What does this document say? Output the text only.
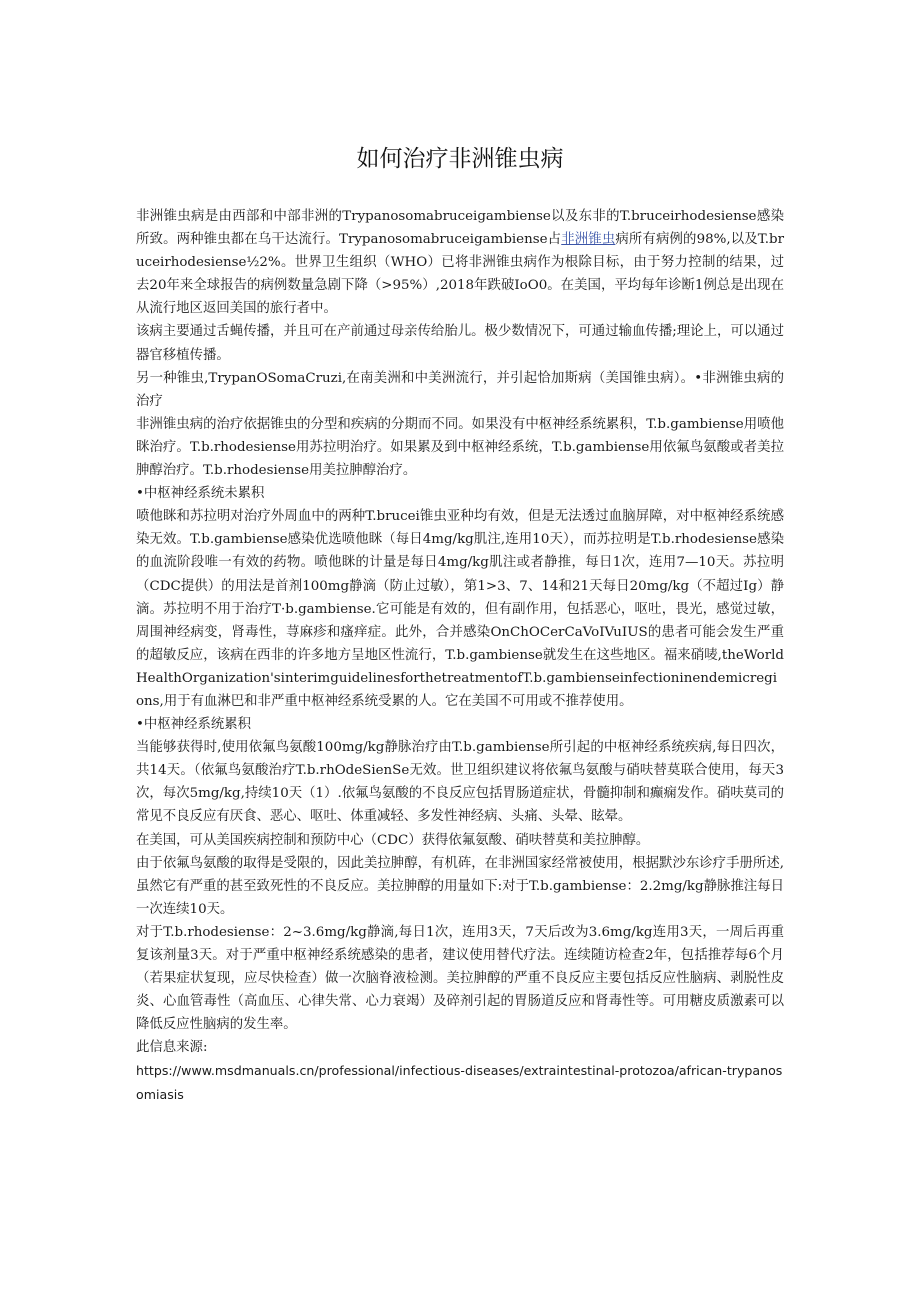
如何治疗非洲锥虫病

非洲锥虫病是由西部和中部非洲的Trypanosomabruceigambiense以及东非的T.bruceirhodesiense感染所致。两种锥虫都在乌干达流行。Trypanosomabruceigambiense占非洲锥虫病所有病例的98%,以及T.bruceirhodesiense½2%。世界卫生组织（WHO）已将非洲锥虫病作为根除目标，由于努力控制的结果，过去20年来全球报告的病例数量急剧下降（>95%）,2018年跌破IoO0。在美国，平均每年诊断1例总是出现在从流行地区返回美国的旅行者中。

该病主要通过舌蝇传播，并且可在产前通过母亲传给胎儿。极少数情况下，可通过输血传播;理论上，可以通过器官移植传播。

另一种锥虫,TrypanOSomaCruzi,在南美洲和中美洲流行，并引起恰加斯病（美国锥虫病）。•非洲锥虫病的治疗

非洲锥虫病的治疗依据锥虫的分型和疾病的分期而不同。如果没有中枢神经系统累积，T.b.gambiense用喷他眯治疗。T.b.rhodesiense用苏拉明治疗。如果累及到中枢神经系统，T.b.gambiense用依氟鸟氨酸或者美拉胂醇治疗。T.b.rhodesiense用美拉胂醇治疗。

•中枢神经系统未累积

喷他眯和苏拉明对治疗外周血中的两种T.brucei锥虫亚种均有效，但是无法透过血脑屏障，对中枢神经系统感染无效。T.b.gambiense感染优选喷他眯（每日4mg∕kg肌注,连用10天），而苏拉明是T.b.rhodesiense感染的血流阶段唯一有效的药物。喷他眯的计量是每日4mg∕kg肌注或者静推，每日1次，连用7—10天。苏拉明（CDC提供）的用法是首剂100mg静滴（防止过敏），第1>3、7、14和21天每日20mg∕kg（不超过Ig）静滴。苏拉明不用于治疗T·b.gambiense.它可能是有效的，但有副作用，包括恶心，呕吐，畏光，感觉过敏，周围神经病变，肾毒性，荨麻疹和瘙痒症。此外，合并感染OnChOCerCaVoIVuIUS的患者可能会发生严重的超敏反应，该病在西非的许多地方呈地区性流行，T.b.gambiense就发生在这些地区。福来硝唛,theWorldHealthOrganization'sinterimguidelinesforthetreatmentofT.b.gambienseinfectioninendemicregions,用于有血淋巴和非严重中枢神经系统受累的人。它在美国不可用或不推荐使用。

•中枢神经系统累积

当能够获得时,使用依氟鸟氨酸100mg∕kg静脉治疗由T.b.gambiense所引起的中枢神经系统疾病,每日四次，共14天。（依氟鸟氨酸治疗T.b.rhOdeSienSe无效。世卫组织建议将依氟鸟氨酸与硝呋替莫联合使用，每天3次，每次5mg∕kg,持续10天（1）.依氟鸟氨酸的不良反应包括胃肠道症状，骨髓抑制和癫痫发作。硝呋莫司的常见不良反应有厌食、恶心、呕吐、体重减轻、多发性神经病、头痛、头晕、眩晕。

在美国，可从美国疾病控制和预防中心（CDC）获得依氟氨酸、硝呋替莫和美拉胂醇。

由于依氟鸟氨酸的取得是受限的，因此美拉胂醇，有机砗，在非洲国家经常被使用，根据默沙东诊疗手册所述,虽然它有严重的甚至致死性的不良反应。美拉胂醇的用量如下:对于T.b.gambiense：2.2mg∕kg静脉推注每日一次连续10天。

对于T.b.rhodesiense：2~3.6mg∕kg静滴,每日1次，连用3天，7天后改为3.6mg∕kg连用3天，一周后再重复该剂量3天。对于严重中枢神经系统感染的患者，建议使用替代疗法。连续随访检查2年，包括推荐每6个月（若果症状复现，应尽快检查）做一次脑脊液检测。美拉胂醇的严重不良反应主要包括反应性脑病、剥脱性皮炎、心血管毒性（高血压、心律失常、心力衰竭）及碎剂引起的胃肠道反应和肾毒性等。可用糖皮质激素可以降低反应性脑病的发生率。

此信息来源:

https://www.msdmanuals.cn/professional/infectious-diseases/extraintestinal-protozoa/african-trypanosomiasis
